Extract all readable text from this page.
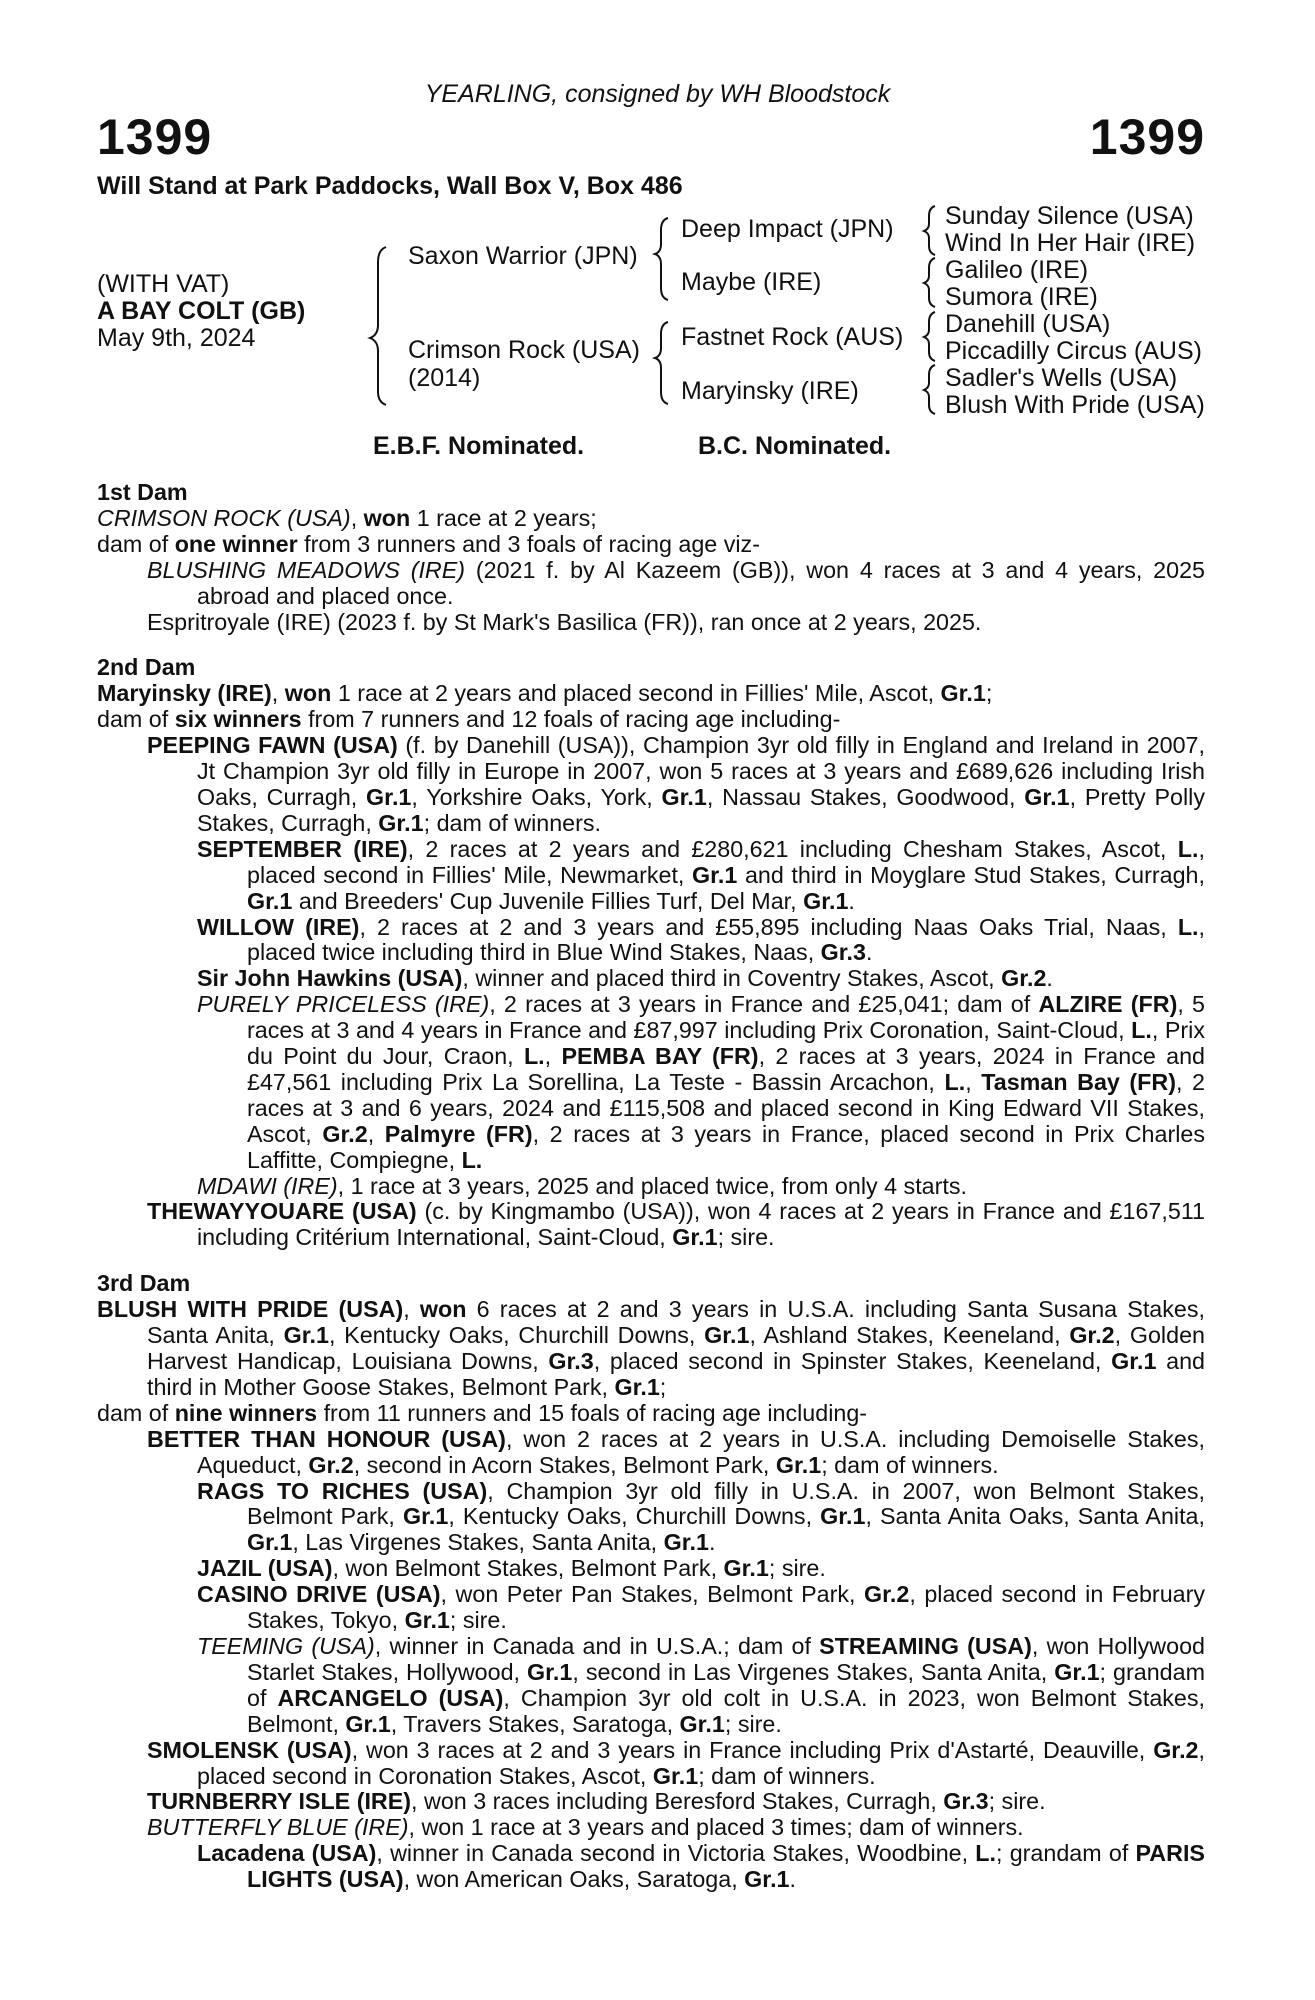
YEARLING, consigned by WH Bloodstock
1399	1399
Will Stand at Park Paddocks, Wall Box V, Box 486
(WITH VAT)
A BAY COLT (GB)
May 9th, 2024
Saxon Warrior (JPN)
Crimson Rock (USA)
(2014)
Deep Impact (JPN)
Maybe (IRE)
Fastnet Rock (AUS)
Maryinsky (IRE)
Sunday Silence (USA)
Wind In Her Hair (IRE)
Galileo (IRE)
Sumora (IRE)
Danehill (USA)
Piccadilly Circus (AUS)
Sadler's Wells (USA)
Blush With Pride (USA)
E.B.F. Nominated.	B.C. Nominated.
1st Dam
CRIMSON ROCK (USA), won 1 race at 2 years;
dam of one winner from 3 runners and 3 foals of racing age viz-
BLUSHING MEADOWS (IRE) (2021 f. by Al Kazeem (GB)), won 4 races at 3 and 4 years, 2025 abroad and placed once.
Espritroyale (IRE) (2023 f. by St Mark's Basilica (FR)), ran once at 2 years, 2025.
2nd Dam
Maryinsky (IRE), won 1 race at 2 years and placed second in Fillies' Mile, Ascot, Gr.1;
dam of six winners from 7 runners and 12 foals of racing age including-
PEEPING FAWN (USA) (f. by Danehill (USA)), Champion 3yr old filly in England and Ireland in 2007, Jt Champion 3yr old filly in Europe in 2007, won 5 races at 3 years and £689,626 including Irish Oaks, Curragh, Gr.1, Yorkshire Oaks, York, Gr.1, Nassau Stakes, Goodwood, Gr.1, Pretty Polly Stakes, Curragh, Gr.1; dam of winners.
SEPTEMBER (IRE), 2 races at 2 years and £280,621 including Chesham Stakes, Ascot, L., placed second in Fillies' Mile, Newmarket, Gr.1 and third in Moyglare Stud Stakes, Curragh, Gr.1 and Breeders' Cup Juvenile Fillies Turf, Del Mar, Gr.1.
WILLOW (IRE), 2 races at 2 and 3 years and £55,895 including Naas Oaks Trial, Naas, L., placed twice including third in Blue Wind Stakes, Naas, Gr.3.
Sir John Hawkins (USA), winner and placed third in Coventry Stakes, Ascot, Gr.2.
PURELY PRICELESS (IRE), 2 races at 3 years in France and £25,041; dam of ALZIRE (FR), 5 races at 3 and 4 years in France and £87,997 including Prix Coronation, Saint-Cloud, L., Prix du Point du Jour, Craon, L., PEMBA BAY (FR), 2 races at 3 years, 2024 in France and £47,561 including Prix La Sorellina, La Teste - Bassin Arcachon, L., Tasman Bay (FR), 2 races at 3 and 6 years, 2024 and £115,508 and placed second in King Edward VII Stakes, Ascot, Gr.2, Palmyre (FR), 2 races at 3 years in France, placed second in Prix Charles Laffitte, Compiegne, L.
MDAWI (IRE), 1 race at 3 years, 2025 and placed twice, from only 4 starts.
THEWAYYOUARE (USA) (c. by Kingmambo (USA)), won 4 races at 2 years in France and £167,511 including Critérium International, Saint-Cloud, Gr.1; sire.
3rd Dam
BLUSH WITH PRIDE (USA), won 6 races at 2 and 3 years in U.S.A. including Santa Susana Stakes, Santa Anita, Gr.1, Kentucky Oaks, Churchill Downs, Gr.1, Ashland Stakes, Keeneland, Gr.2, Golden Harvest Handicap, Louisiana Downs, Gr.3, placed second in Spinster Stakes, Keeneland, Gr.1 and third in Mother Goose Stakes, Belmont Park, Gr.1;
dam of nine winners from 11 runners and 15 foals of racing age including-
BETTER THAN HONOUR (USA), won 2 races at 2 years in U.S.A. including Demoiselle Stakes, Aqueduct, Gr.2, second in Acorn Stakes, Belmont Park, Gr.1; dam of winners.
RAGS TO RICHES (USA), Champion 3yr old filly in U.S.A. in 2007, won Belmont Stakes, Belmont Park, Gr.1, Kentucky Oaks, Churchill Downs, Gr.1, Santa Anita Oaks, Santa Anita, Gr.1, Las Virgenes Stakes, Santa Anita, Gr.1.
JAZIL (USA), won Belmont Stakes, Belmont Park, Gr.1; sire.
CASINO DRIVE (USA), won Peter Pan Stakes, Belmont Park, Gr.2, placed second in February Stakes, Tokyo, Gr.1; sire.
TEEMING (USA), winner in Canada and in U.S.A.; dam of STREAMING (USA), won Hollywood Starlet Stakes, Hollywood, Gr.1, second in Las Virgenes Stakes, Santa Anita, Gr.1; grandam of ARCANGELO (USA), Champion 3yr old colt in U.S.A. in 2023, won Belmont Stakes, Belmont, Gr.1, Travers Stakes, Saratoga, Gr.1; sire.
SMOLENSK (USA), won 3 races at 2 and 3 years in France including Prix d'Astarté, Deauville, Gr.2, placed second in Coronation Stakes, Ascot, Gr.1; dam of winners.
TURNBERRY ISLE (IRE), won 3 races including Beresford Stakes, Curragh, Gr.3; sire.
BUTTERFLY BLUE (IRE), won 1 race at 3 years and placed 3 times; dam of winners.
Lacadena (USA), winner in Canada second in Victoria Stakes, Woodbine, L.; grandam of PARIS LIGHTS (USA), won American Oaks, Saratoga, Gr.1.
